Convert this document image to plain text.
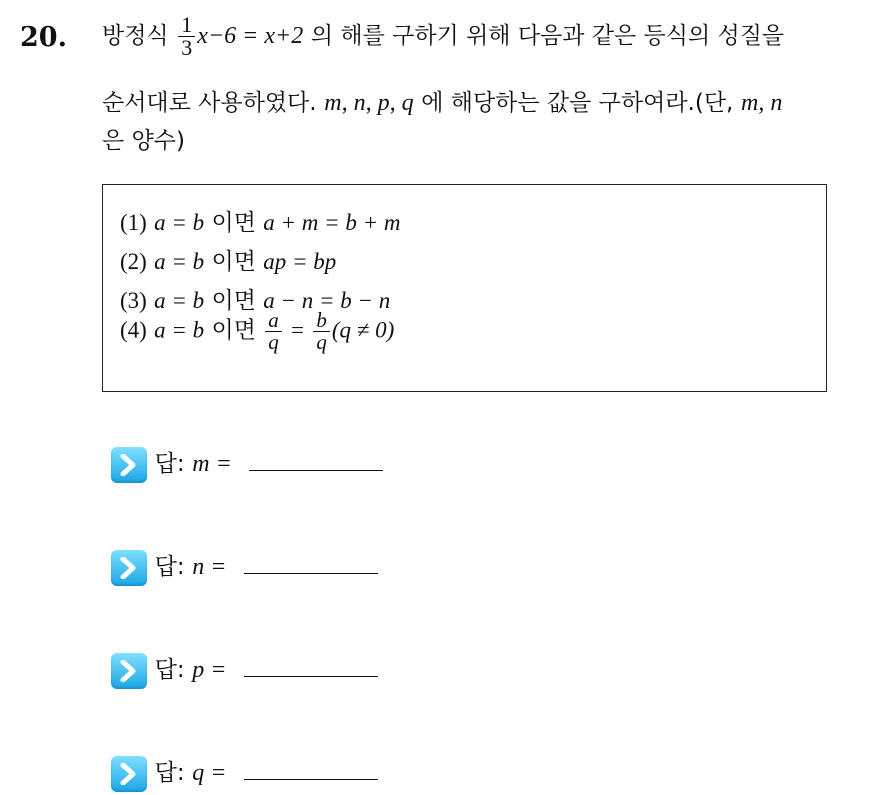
20. 방정식 $\frac{1}{3} x-6 = x+2$ 의 해를 구하기 위해 다음과 같은 등식의 성질을
순서대로 사용하였다. m, n, p, q 에 해당하는 값을 구하여라.(단, m, n
은 양수)
(1) a = b 이면 a + m = b + m
(2) a = b 이면 ap = bp
(3) a = b 이면 a − n = b − n
(4) a = b 이면 $\frac{a}{q} = \frac{b}{q} (q \ne 0)$
답: m =
답: n =
답: p =
답: q =
